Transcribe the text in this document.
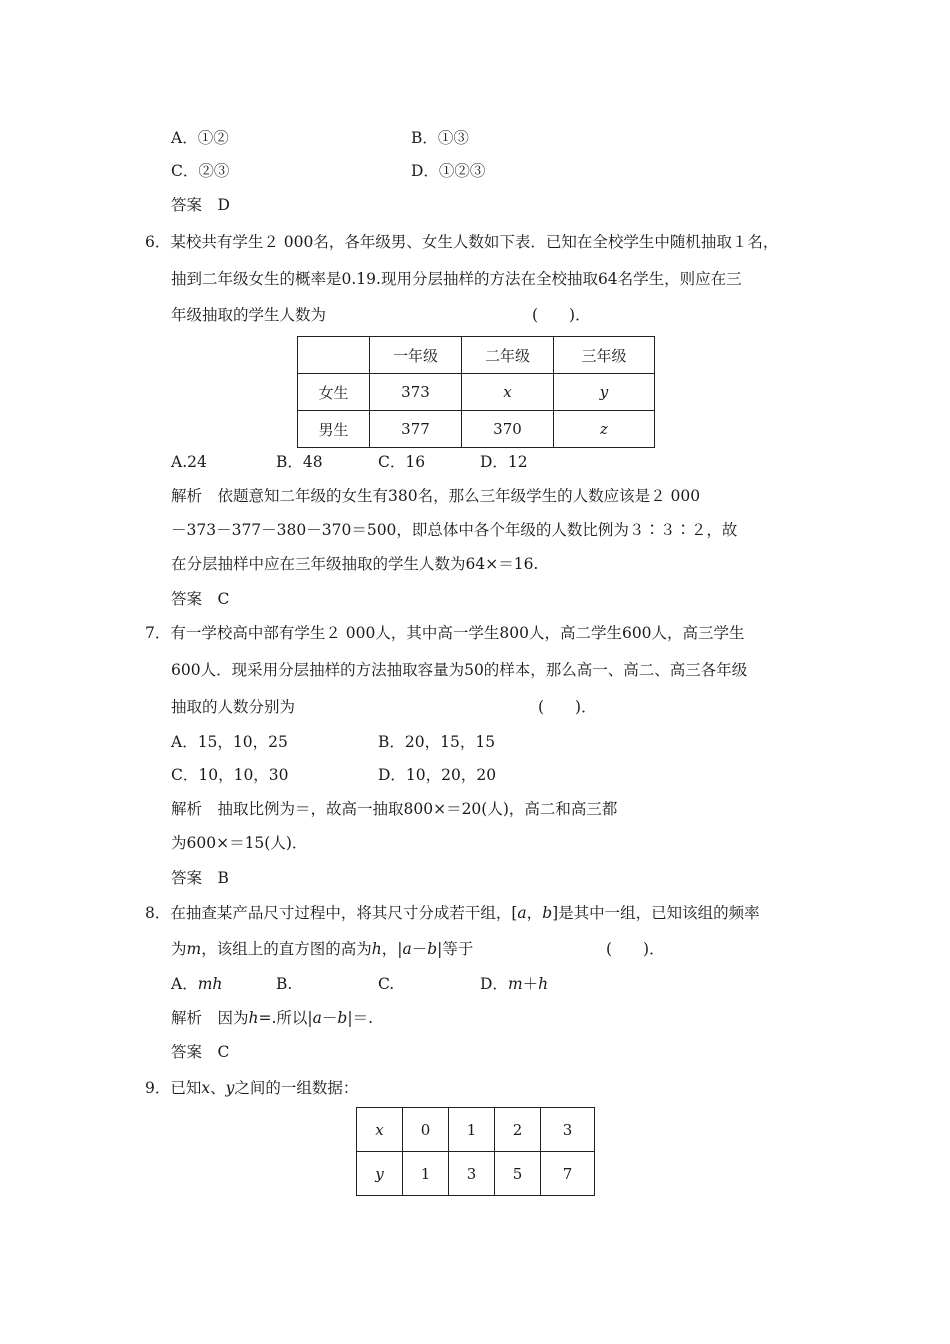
A．①②	B．①③
C．②③	D．①②③
答案　D
6．某校共有学生２ 000名，各年级男、女生人数如下表．已知在全校学生中随机抽取１名，
抽到二年级女生的概率是0.19.现用分层抽样的方法在全校抽取64名学生，则应在三
年级抽取的学生人数为	(　　)．
	一年级	二年级	三年级
女生	373	x	y
男生	377	370	z
A.24	B．48	C．16	D．12
解析　依题意知二年级的女生有380名，那么三年级学生的人数应该是２ 000
－373－377－380－370＝500，即总体中各个年级的人数比例为３∶３∶２，故
在分层抽样中应在三年级抽取的学生人数为64×＝16.
答案　C
7．有一学校高中部有学生２ 000人，其中高一学生800人，高二学生600人，高三学生
600人．现采用分层抽样的方法抽取容量为50的样本，那么高一、高二、高三各年级
抽取的人数分别为	(　　)．
A．15，10，25	B．20，15，15
C．10，10，30	D．10，20，20
解析　抽取比例为＝，故高一抽取800×＝20(人)，高二和高三都
为600×＝15(人)．
答案　B
8．在抽查某产品尺寸过程中，将其尺寸分成若干组，[a，b]是其中一组，已知该组的频率
为m，该组上的直方图的高为h，|a－b|等于	(　　)．
A．mh	B.	C.	D．m＋h
解析　因为h=.所以|a－b|＝.
答案　C
9．已知x、y之间的一组数据：
x	0	1	2	3
y	1	3	5	7
